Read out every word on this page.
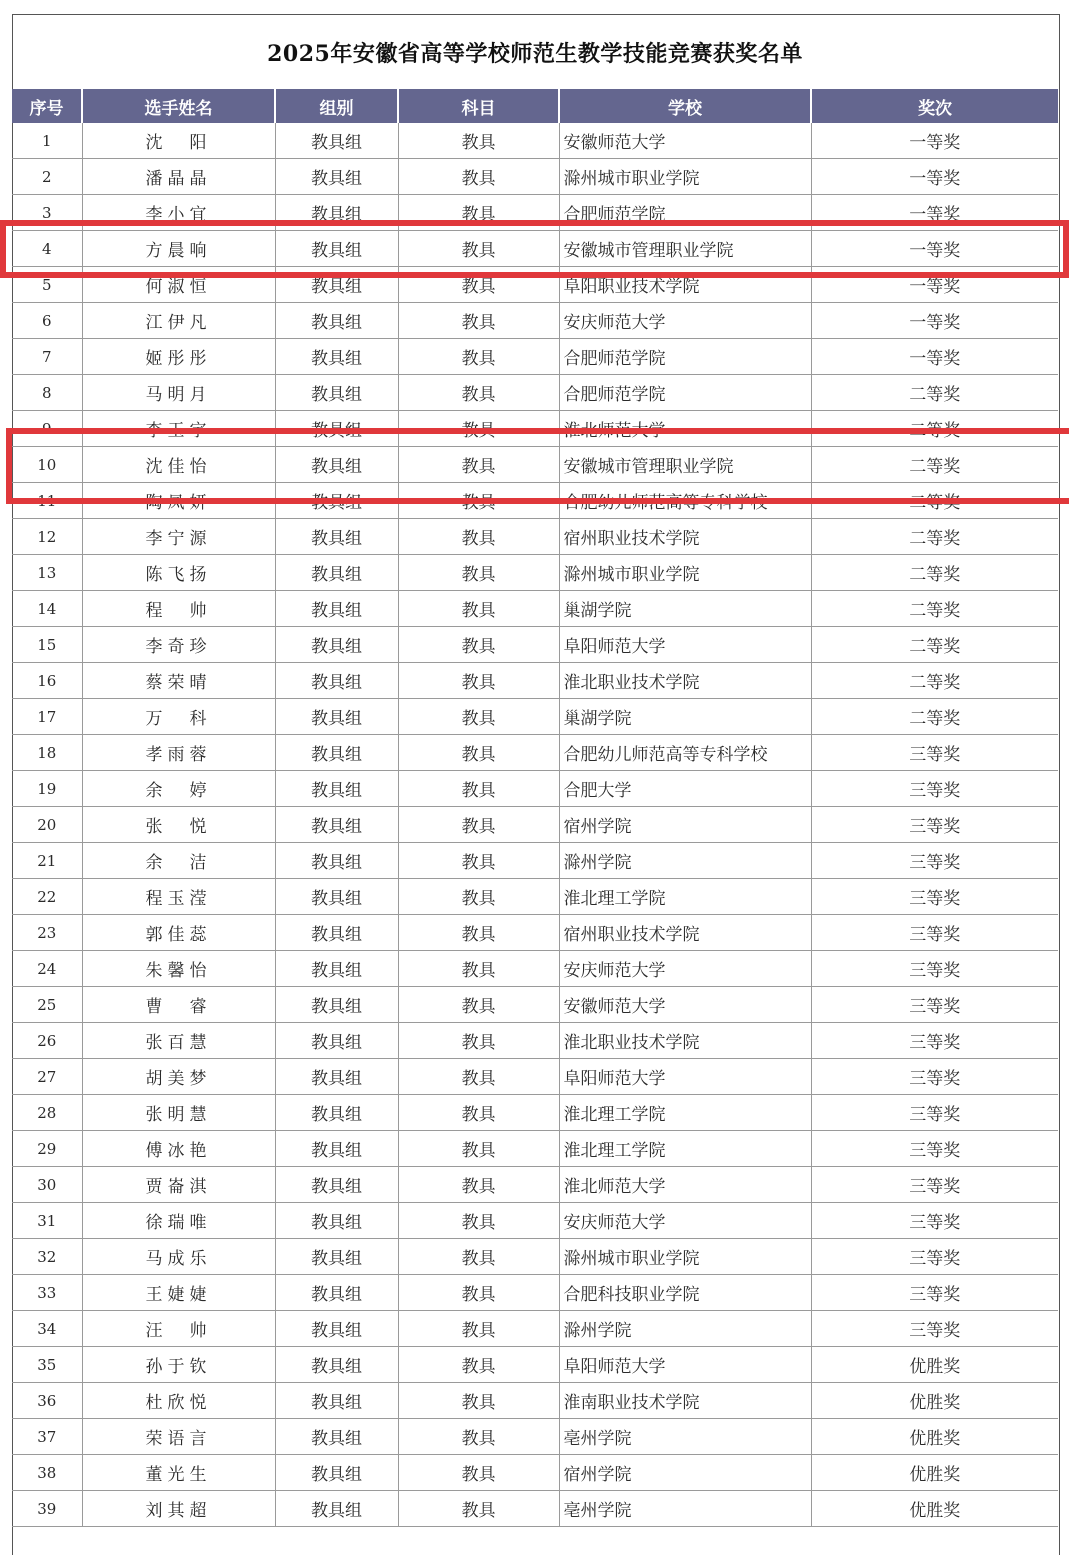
2025年安徽省高等学校师范生教学技能竞赛获奖名单
序号	选手姓名	组别	科目	学校	奖次
1	沈　阳	教具组	教具	安徽师范大学	一等奖
2	潘晶晶	教具组	教具	滁州城市职业学院	一等奖
3	李小宜	教具组	教具	合肥师范学院	一等奖
4	方晨响	教具组	教具	安徽城市管理职业学院	一等奖
5	何淑恒	教具组	教具	阜阳职业技术学院	一等奖
6	江伊凡	教具组	教具	安庆师范大学	一等奖
7	姬彤彤	教具组	教具	合肥师范学院	一等奖
8	马明月	教具组	教具	合肥师范学院	二等奖
9	李玉宇	教具组	教具	淮北师范大学	二等奖
10	沈佳怡	教具组	教具	安徽城市管理职业学院	二等奖
11	陶凤妍	教具组	教具	合肥幼儿师范高等专科学校	二等奖
12	李宁源	教具组	教具	宿州职业技术学院	二等奖
13	陈飞扬	教具组	教具	滁州城市职业学院	二等奖
14	程　帅	教具组	教具	巢湖学院	二等奖
15	李奇珍	教具组	教具	阜阳师范大学	二等奖
16	蔡荣晴	教具组	教具	淮北职业技术学院	二等奖
17	万　科	教具组	教具	巢湖学院	二等奖
18	孝雨蓉	教具组	教具	合肥幼儿师范高等专科学校	三等奖
19	余　婷	教具组	教具	合肥大学	三等奖
20	张　悦	教具组	教具	宿州学院	三等奖
21	余　洁	教具组	教具	滁州学院	三等奖
22	程玉滢	教具组	教具	淮北理工学院	三等奖
23	郭佳蕊	教具组	教具	宿州职业技术学院	三等奖
24	朱馨怡	教具组	教具	安庆师范大学	三等奖
25	曹　睿	教具组	教具	安徽师范大学	三等奖
26	张百慧	教具组	教具	淮北职业技术学院	三等奖
27	胡美梦	教具组	教具	阜阳师范大学	三等奖
28	张明慧	教具组	教具	淮北理工学院	三等奖
29	傅冰艳	教具组	教具	淮北理工学院	三等奖
30	贾崙淇	教具组	教具	淮北师范大学	三等奖
31	徐瑞唯	教具组	教具	安庆师范大学	三等奖
32	马成乐	教具组	教具	滁州城市职业学院	三等奖
33	王婕婕	教具组	教具	合肥科技职业学院	三等奖
34	汪　帅	教具组	教具	滁州学院	三等奖
35	孙于钦	教具组	教具	阜阳师范大学	优胜奖
36	杜欣悦	教具组	教具	淮南职业技术学院	优胜奖
37	荣语言	教具组	教具	亳州学院	优胜奖
38	董光生	教具组	教具	宿州学院	优胜奖
39	刘其超	教具组	教具	亳州学院	优胜奖
